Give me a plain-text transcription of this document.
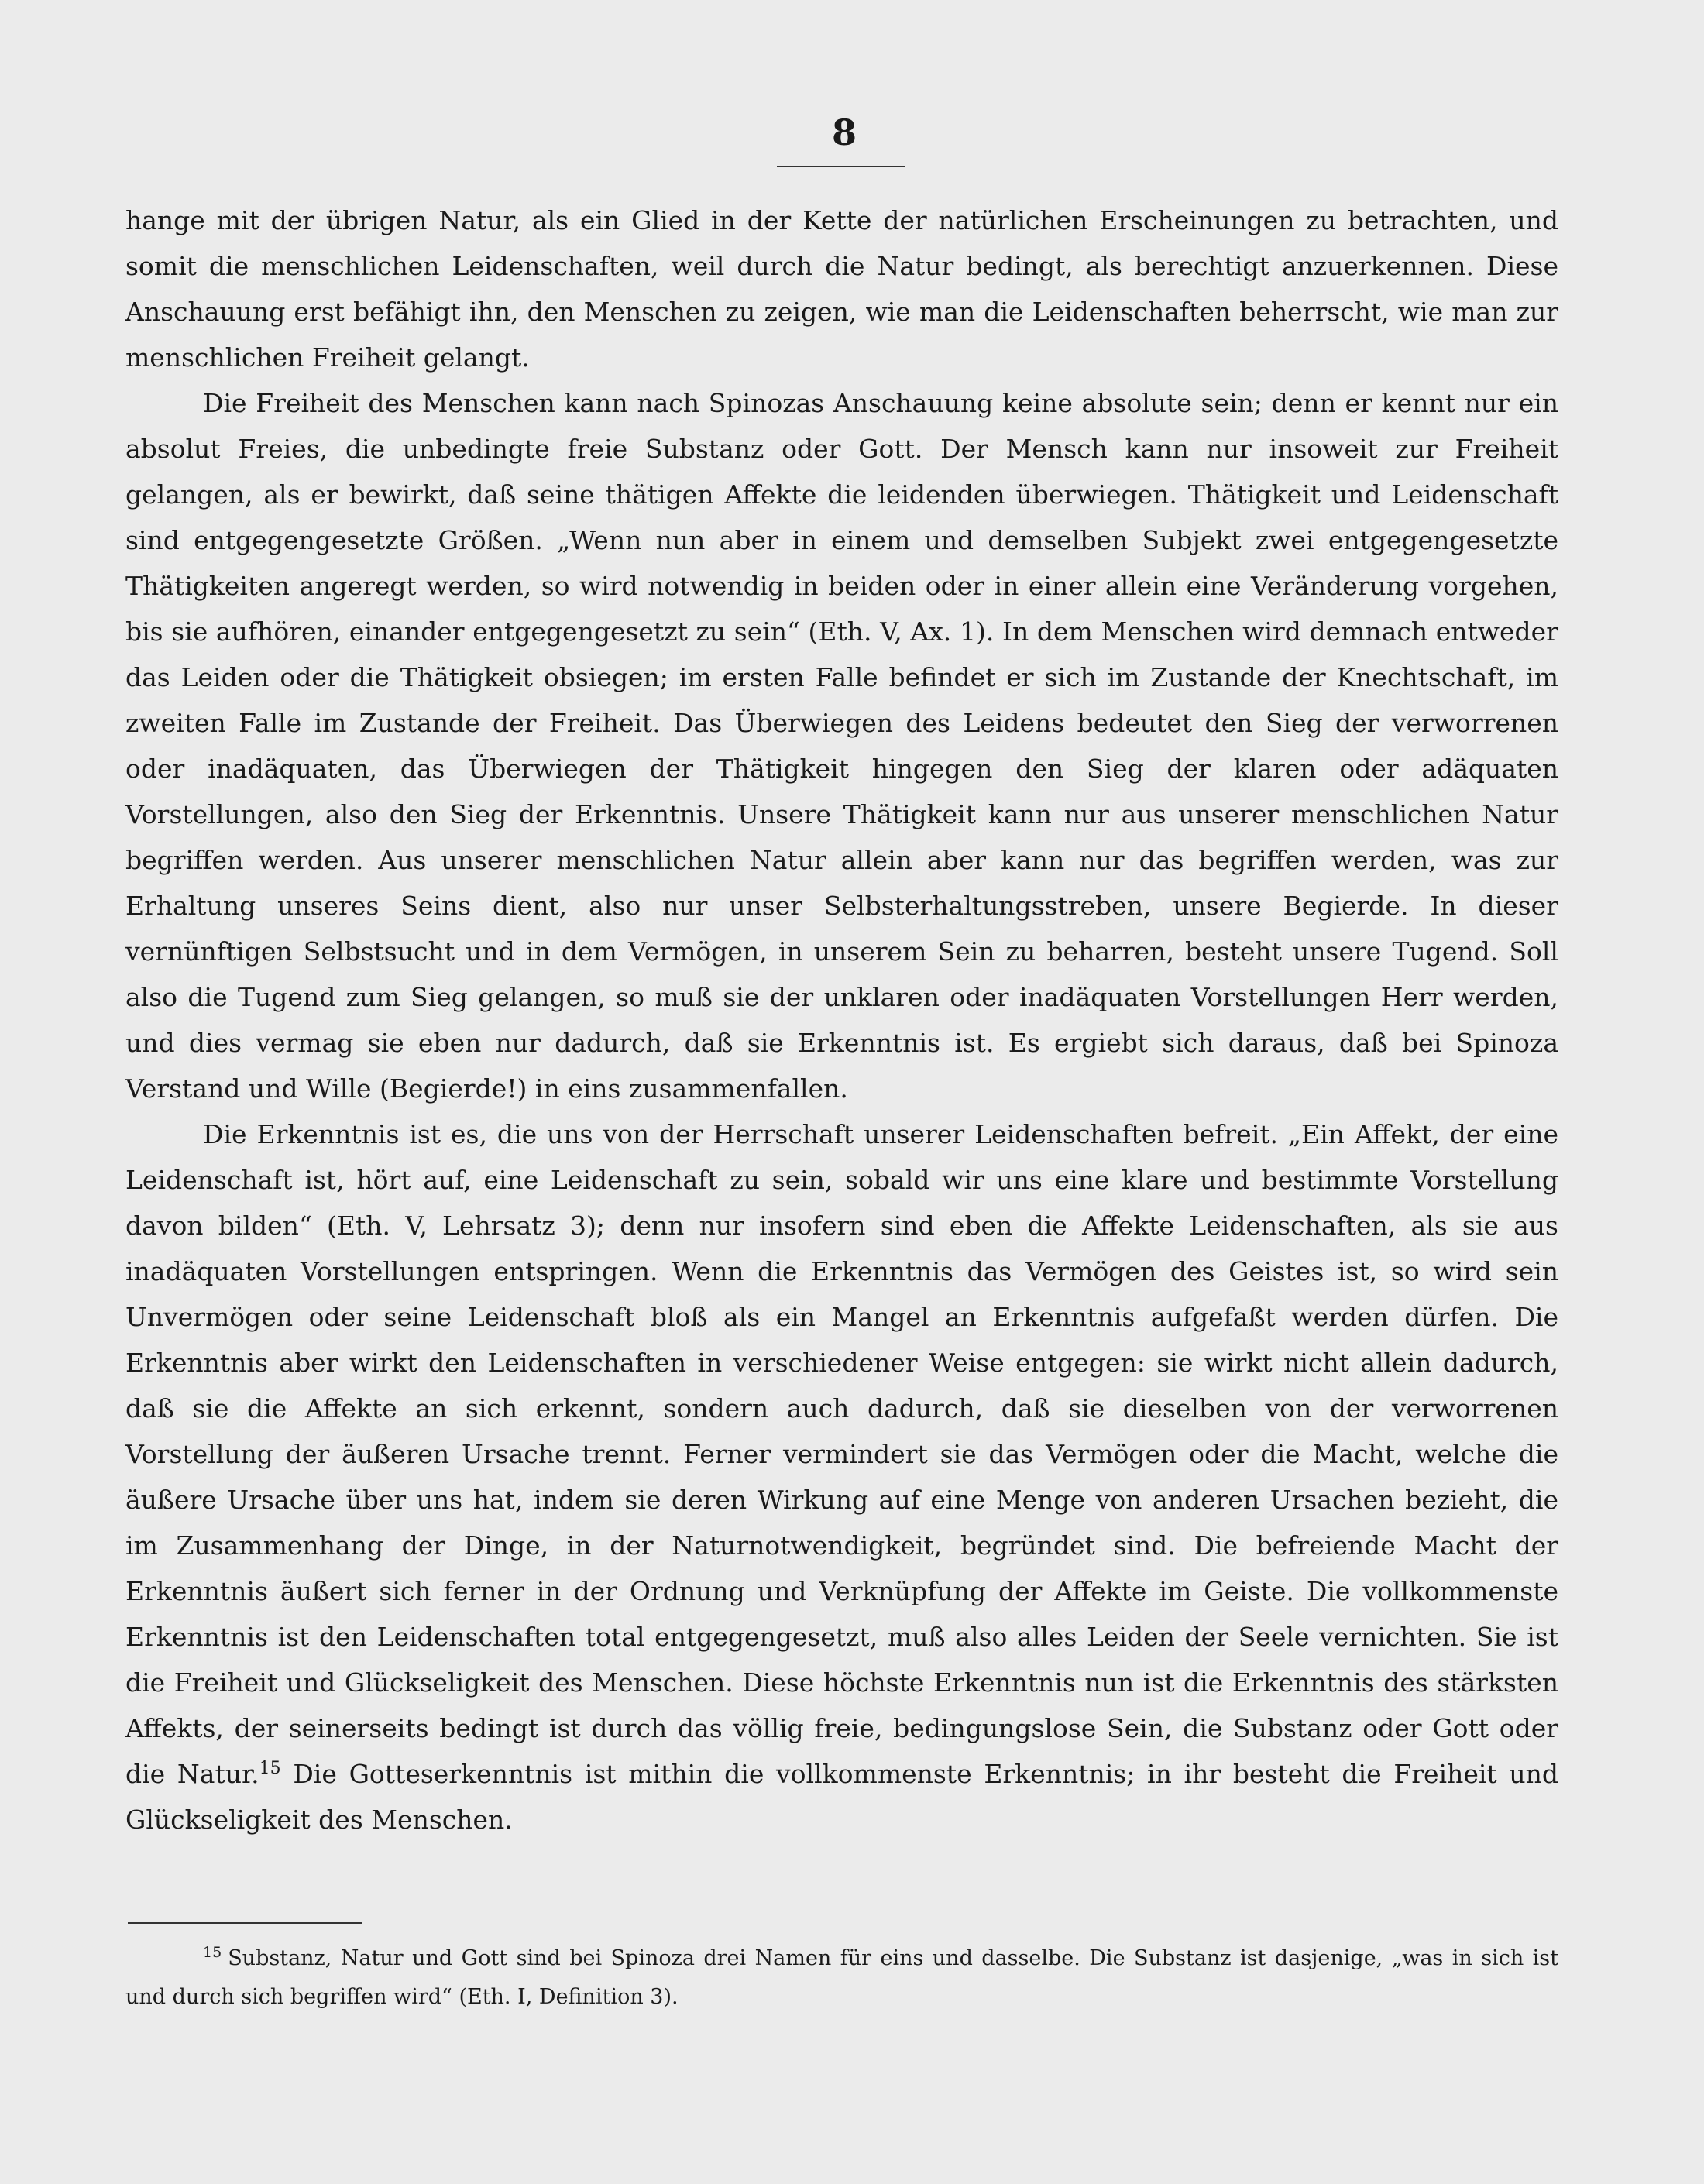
8

hange mit der übrigen Natur, als ein Glied in der Kette der natürlichen Erscheinungen zu betrachten, und somit die menschlichen Leidenschaften, weil durch die Natur bedingt, als berechtigt anzuerkennen. Diese Anschauung erst befähigt ihn, den Menschen zu zeigen, wie man die Leidenschaften beherrscht, wie man zur menschlichen Freiheit gelangt.

Die Freiheit des Menschen kann nach Spinozas Anschauung keine absolute sein; denn er kennt nur ein absolut Freies, die unbedingte freie Substanz oder Gott. Der Mensch kann nur insoweit zur Freiheit gelangen, als er bewirkt, daß seine thätigen Affekte die leidenden überwiegen. Thätigkeit und Leidenschaft sind entgegengesetzte Größen. „Wenn nun aber in einem und demselben Subjekt zwei entgegengesetzte Thätigkeiten angeregt werden, so wird notwendig in beiden oder in einer allein eine Veränderung vorgehen, bis sie aufhören, einander entgegengesetzt zu sein“ (Eth. V, Ax. 1). In dem Menschen wird demnach entweder das Leiden oder die Thätigkeit obsiegen; im ersten Falle befindet er sich im Zustande der Knechtschaft, im zweiten Falle im Zustande der Freiheit. Das Überwiegen des Leidens bedeutet den Sieg der verworrenen oder inadäquaten, das Überwiegen der Thätigkeit hingegen den Sieg der klaren oder adäquaten Vorstellungen, also den Sieg der Erkenntnis. Unsere Thätigkeit kann nur aus unserer menschlichen Natur begriffen werden. Aus unserer menschlichen Natur allein aber kann nur das begriffen werden, was zur Erhaltung unseres Seins dient, also nur unser Selbsterhaltungsstreben, unsere Begierde. In dieser vernünftigen Selbstsucht und in dem Vermögen, in unserem Sein zu beharren, besteht unsere Tugend. Soll also die Tugend zum Sieg gelangen, so muß sie der unklaren oder inadäquaten Vorstellungen Herr werden, und dies vermag sie eben nur dadurch, daß sie Erkenntnis ist. Es ergiebt sich daraus, daß bei Spinoza Verstand und Wille (Begierde!) in eins zusammenfallen.

Die Erkenntnis ist es, die uns von der Herrschaft unserer Leidenschaften befreit. „Ein Affekt, der eine Leidenschaft ist, hört auf, eine Leidenschaft zu sein, sobald wir uns eine klare und bestimmte Vorstellung davon bilden“ (Eth. V, Lehrsatz 3); denn nur insofern sind eben die Affekte Leidenschaften, als sie aus inadäquaten Vorstellungen entspringen. Wenn die Erkenntnis das Vermögen des Geistes ist, so wird sein Unvermögen oder seine Leidenschaft bloß als ein Mangel an Erkenntnis aufgefaßt werden dürfen. Die Erkenntnis aber wirkt den Leidenschaften in verschiedener Weise entgegen: sie wirkt nicht allein dadurch, daß sie die Affekte an sich erkennt, sondern auch dadurch, daß sie dieselben von der verworrenen Vorstellung der äußeren Ursache trennt. Ferner vermindert sie das Vermögen oder die Macht, welche die äußere Ursache über uns hat, indem sie deren Wirkung auf eine Menge von anderen Ursachen bezieht, die im Zusammenhang der Dinge, in der Naturnotwendigkeit, begründet sind. Die befreiende Macht der Erkenntnis äußert sich ferner in der Ordnung und Verknüpfung der Affekte im Geiste. Die vollkommenste Erkenntnis ist den Leidenschaften total entgegengesetzt, muß also alles Leiden der Seele vernichten. Sie ist die Freiheit und Glückseligkeit des Menschen. Diese höchste Erkenntnis nun ist die Erkenntnis des stärksten Affekts, der seinerseits bedingt ist durch das völlig freie, bedingungslose Sein, die Substanz oder Gott oder die Natur.$^{15}$ Die Gotteserkenntnis ist mithin die vollkommenste Erkenntnis; in ihr besteht die Freiheit und Glückseligkeit des Menschen.

$^{15}$ Substanz, Natur und Gott sind bei Spinoza drei Namen für eins und dasselbe. Die Substanz ist dasjenige, „was in sich ist und durch sich begriffen wird“ (Eth. I, Definition 3).
